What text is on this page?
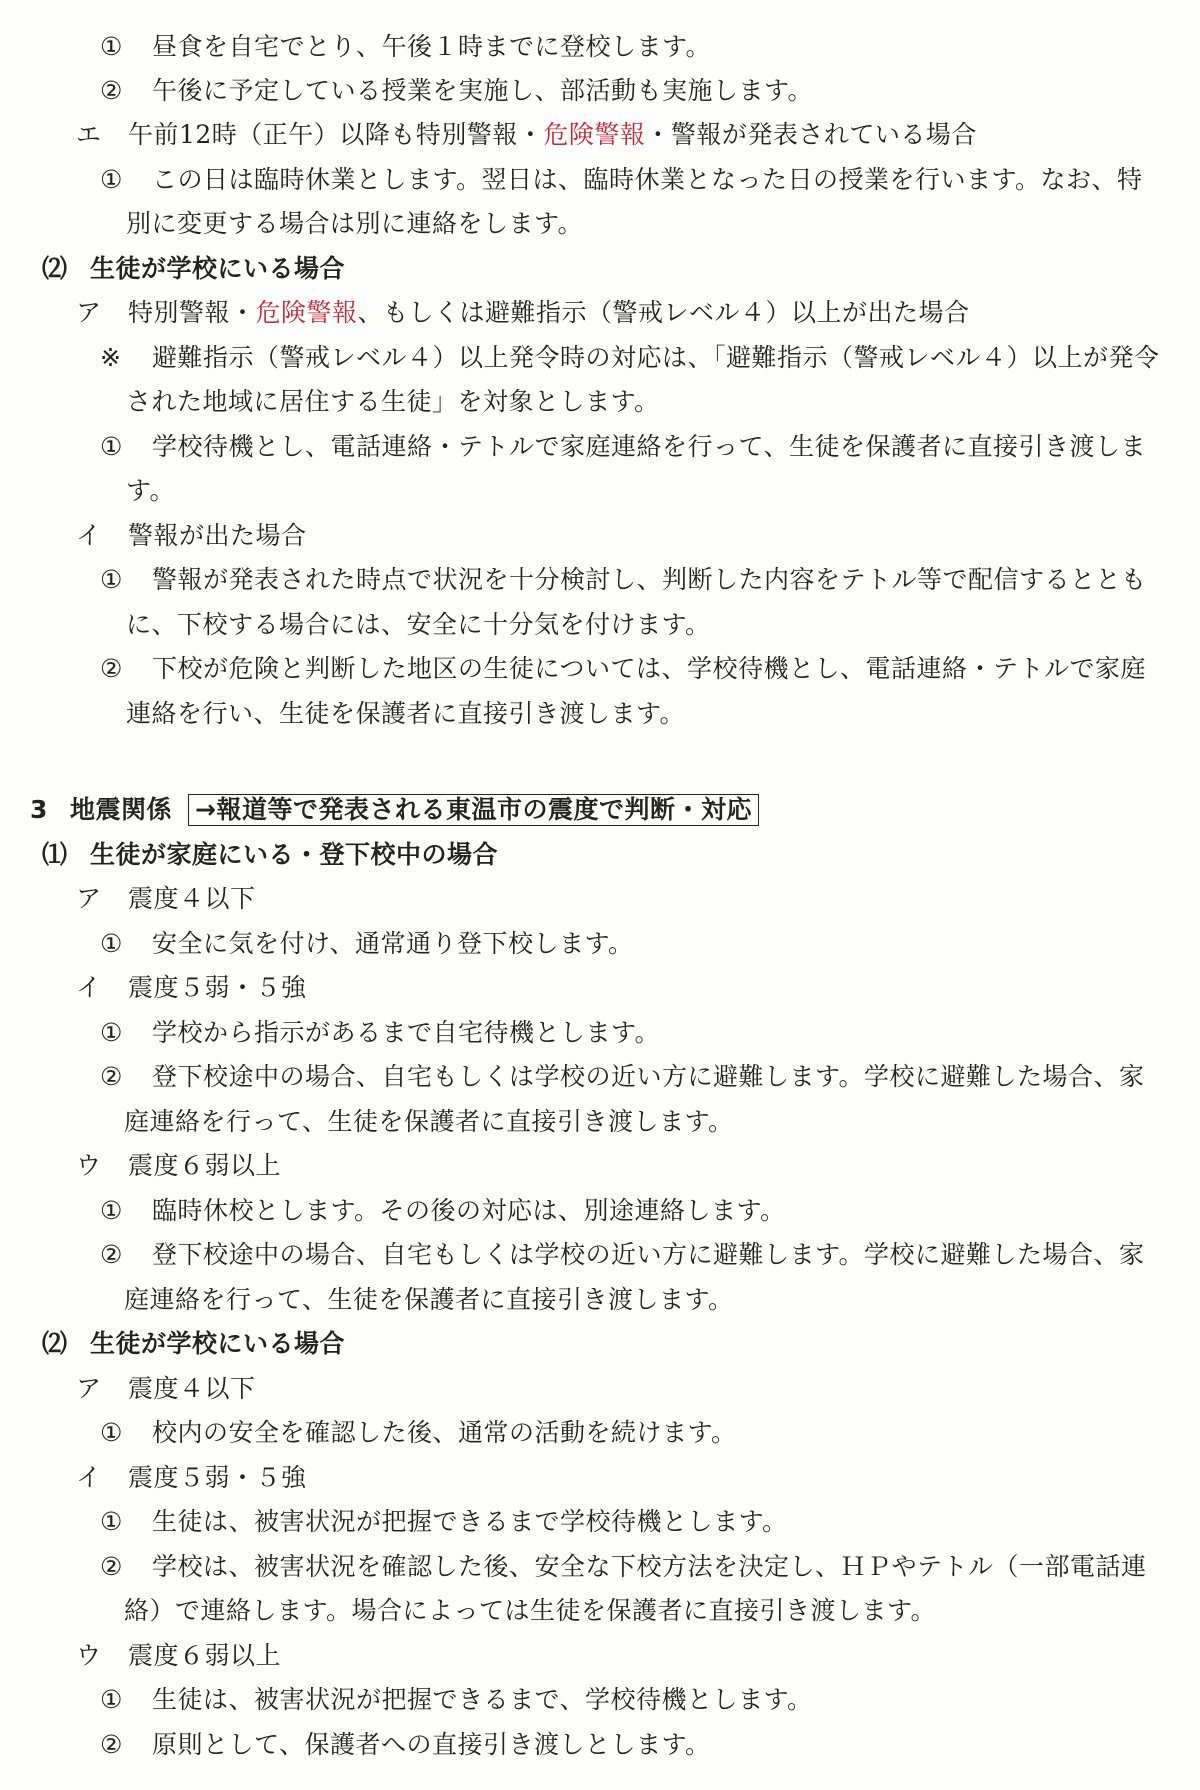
① 昼食を自宅でとり、午後１時までに登校します。
② 午後に予定している授業を実施し、部活動も実施します。
エ 午前12時（正午）以降も特別警報・危険警報・警報が発表されている場合
① この日は臨時休業とします。翌日は、臨時休業となった日の授業を行います。なお、特
別に変更する場合は別に連絡をします。
⑵ 生徒が学校にいる場合
ア 特別警報・危険警報、もしくは避難指示（警戒レベル４）以上が出た場合
※ 避難指示（警戒レベル４）以上発令時の対応は、「避難指示（警戒レベル４）以上が発令
された地域に居住する生徒」を対象とします。
① 学校待機とし、電話連絡・テトルで家庭連絡を行って、生徒を保護者に直接引き渡しま
す。
イ 警報が出た場合
① 警報が発表された時点で状況を十分検討し、判断した内容をテトル等で配信するととも
に、下校する場合には、安全に十分気を付けます。
② 下校が危険と判断した地区の生徒については、学校待機とし、電話連絡・テトルで家庭
連絡を行い、生徒を保護者に直接引き渡します。
3 地震関係 →報道等で発表される東温市の震度で判断・対応
⑴ 生徒が家庭にいる・登下校中の場合
ア 震度４以下
① 安全に気を付け、通常通り登下校します。
イ 震度５弱・５強
① 学校から指示があるまで自宅待機とします。
② 登下校途中の場合、自宅もしくは学校の近い方に避難します。学校に避難した場合、家
庭連絡を行って、生徒を保護者に直接引き渡します。
ウ 震度６弱以上
① 臨時休校とします。その後の対応は、別途連絡します。
② 登下校途中の場合、自宅もしくは学校の近い方に避難します。学校に避難した場合、家
庭連絡を行って、生徒を保護者に直接引き渡します。
⑵ 生徒が学校にいる場合
ア 震度４以下
① 校内の安全を確認した後、通常の活動を続けます。
イ 震度５弱・５強
① 生徒は、被害状況が把握できるまで学校待機とします。
② 学校は、被害状況を確認した後、安全な下校方法を決定し、ＨＰやテトル（一部電話連
絡）で連絡します。場合によっては生徒を保護者に直接引き渡します。
ウ 震度６弱以上
① 生徒は、被害状況が把握できるまで、学校待機とします。
② 原則として、保護者への直接引き渡しとします。
